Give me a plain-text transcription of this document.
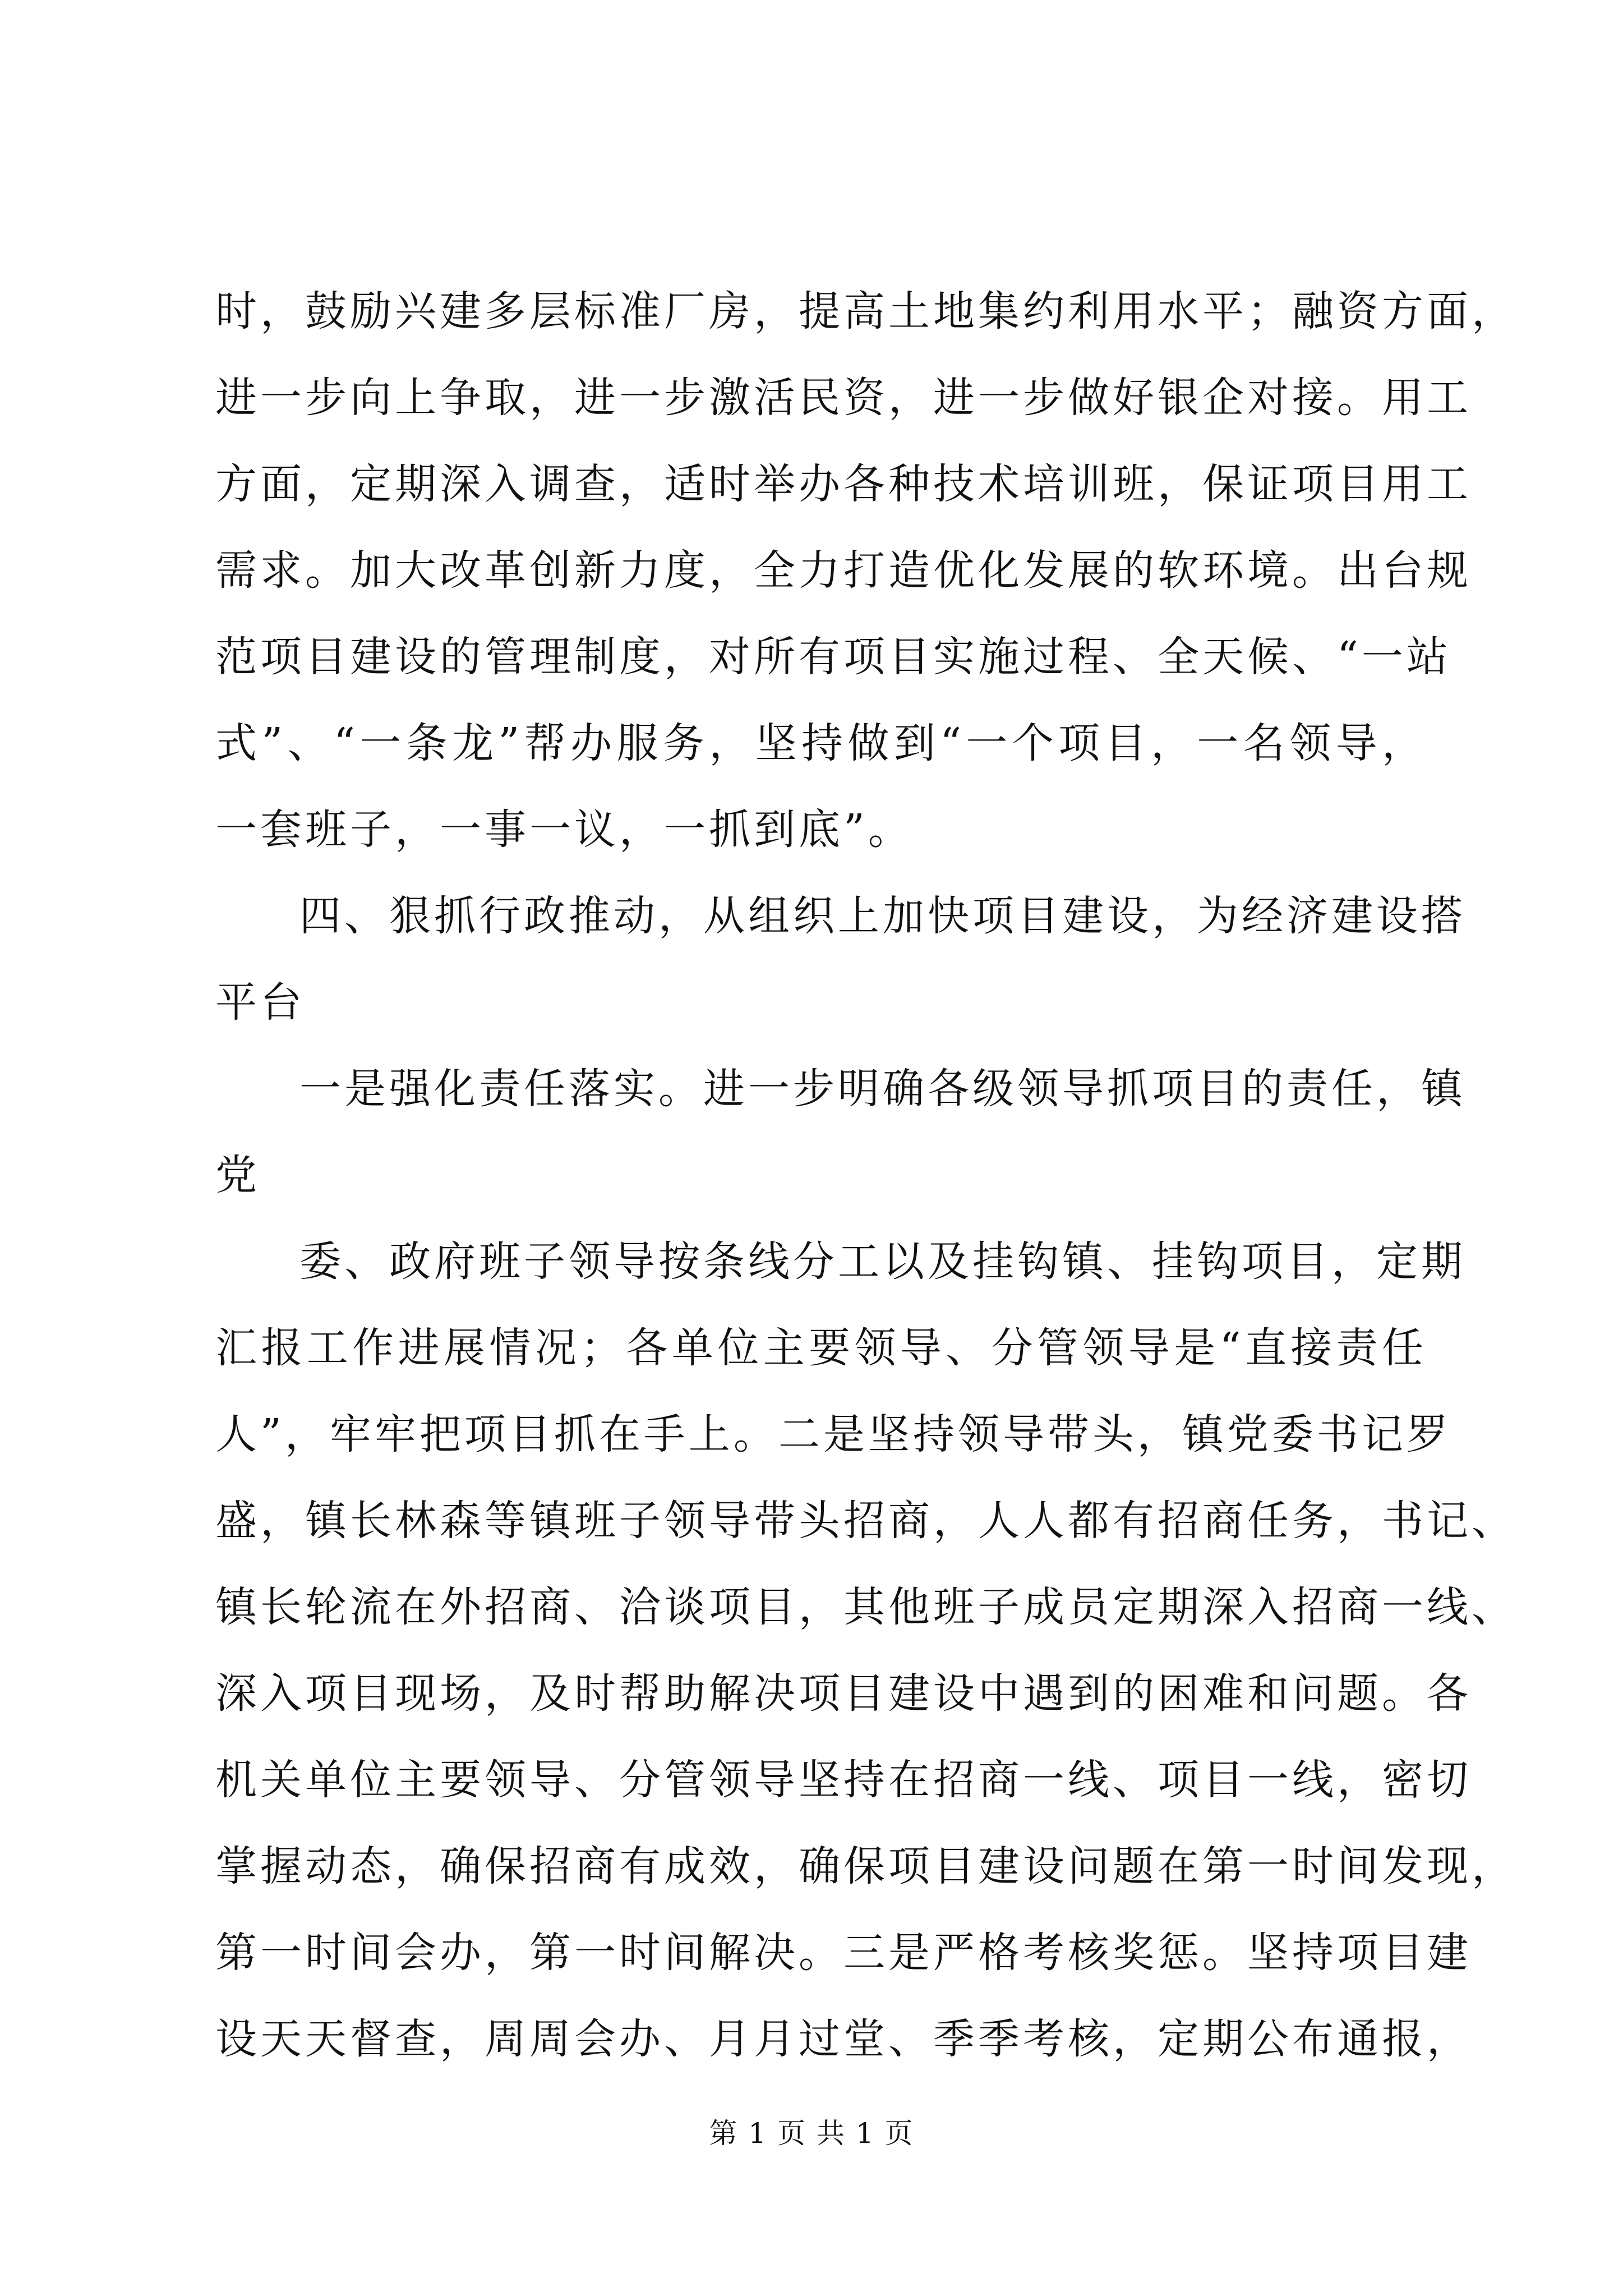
时，鼓励兴建多层标准厂房，提高土地集约利用水平；融资方面，
进一步向上争取，进一步激活民资，进一步做好银企对接。用工
方面，定期深入调查，适时举办各种技术培训班，保证项目用工
需求。加大改革创新力度，全力打造优化发展的软环境。出台规
范项目建设的管理制度，对所有项目实施过程、全天候、“一站
式”、“一条龙”帮办服务，坚持做到“一个项目，一名领导，
一套班子，一事一议，一抓到底”。
四、狠抓行政推动，从组织上加快项目建设，为经济建设搭
平台
一是强化责任落实。进一步明确各级领导抓项目的责任，镇
党
委、政府班子领导按条线分工以及挂钩镇、挂钩项目，定期
汇报工作进展情况；各单位主要领导、分管领导是“直接责任
人”，牢牢把项目抓在手上。二是坚持领导带头，镇党委书记罗
盛，镇长林森等镇班子领导带头招商，人人都有招商任务，书记、
镇长轮流在外招商、洽谈项目，其他班子成员定期深入招商一线、
深入项目现场，及时帮助解决项目建设中遇到的困难和问题。各
机关单位主要领导、分管领导坚持在招商一线、项目一线，密切
掌握动态，确保招商有成效，确保项目建设问题在第一时间发现，
第一时间会办，第一时间解决。三是严格考核奖惩。坚持项目建
设天天督查，周周会办、月月过堂、季季考核，定期公布通报，
第 1 页 共 1 页
